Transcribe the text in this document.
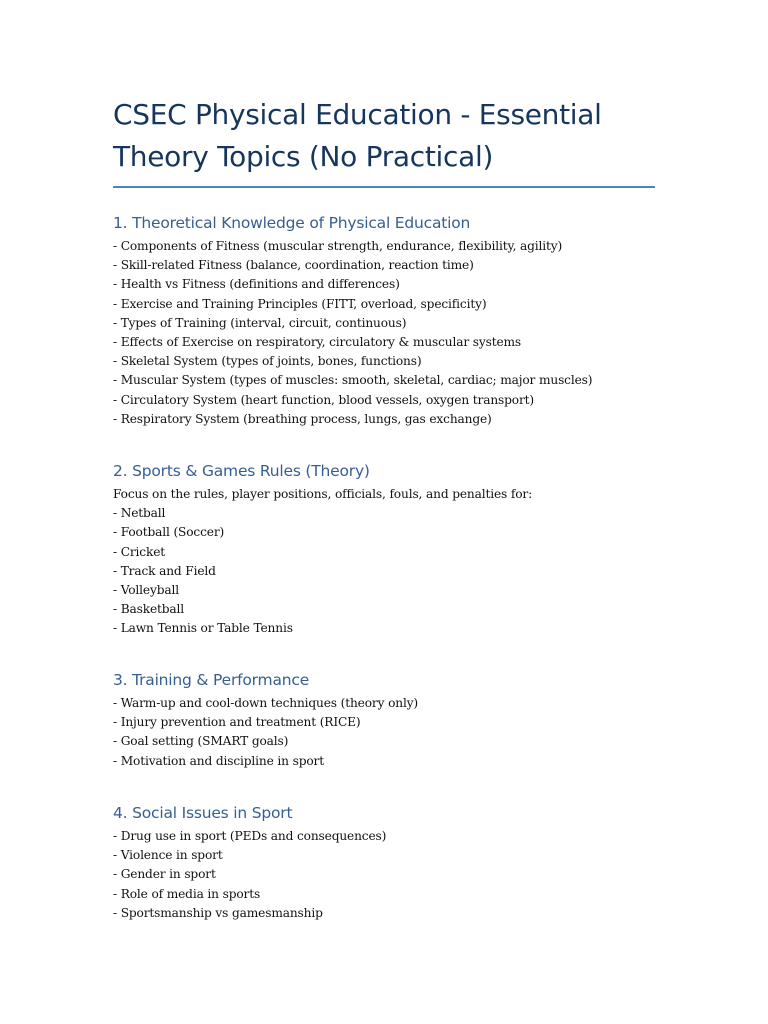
CSEC Physical Education - Essential Theory Topics (No Practical)
1. Theoretical Knowledge of Physical Education
- Components of Fitness (muscular strength, endurance, flexibility, agility)
- Skill-related Fitness (balance, coordination, reaction time)
- Health vs Fitness (definitions and differences)
- Exercise and Training Principles (FITT, overload, specificity)
- Types of Training (interval, circuit, continuous)
- Effects of Exercise on respiratory, circulatory & muscular systems
- Skeletal System (types of joints, bones, functions)
- Muscular System (types of muscles: smooth, skeletal, cardiac; major muscles)
- Circulatory System (heart function, blood vessels, oxygen transport)
- Respiratory System (breathing process, lungs, gas exchange)
2. Sports & Games Rules (Theory)
Focus on the rules, player positions, officials, fouls, and penalties for:
- Netball
- Football (Soccer)
- Cricket
- Track and Field
- Volleyball
- Basketball
- Lawn Tennis or Table Tennis
3. Training & Performance
- Warm-up and cool-down techniques (theory only)
- Injury prevention and treatment (RICE)
- Goal setting (SMART goals)
- Motivation and discipline in sport
4. Social Issues in Sport
- Drug use in sport (PEDs and consequences)
- Violence in sport
- Gender in sport
- Role of media in sports
- Sportsmanship vs gamesmanship
